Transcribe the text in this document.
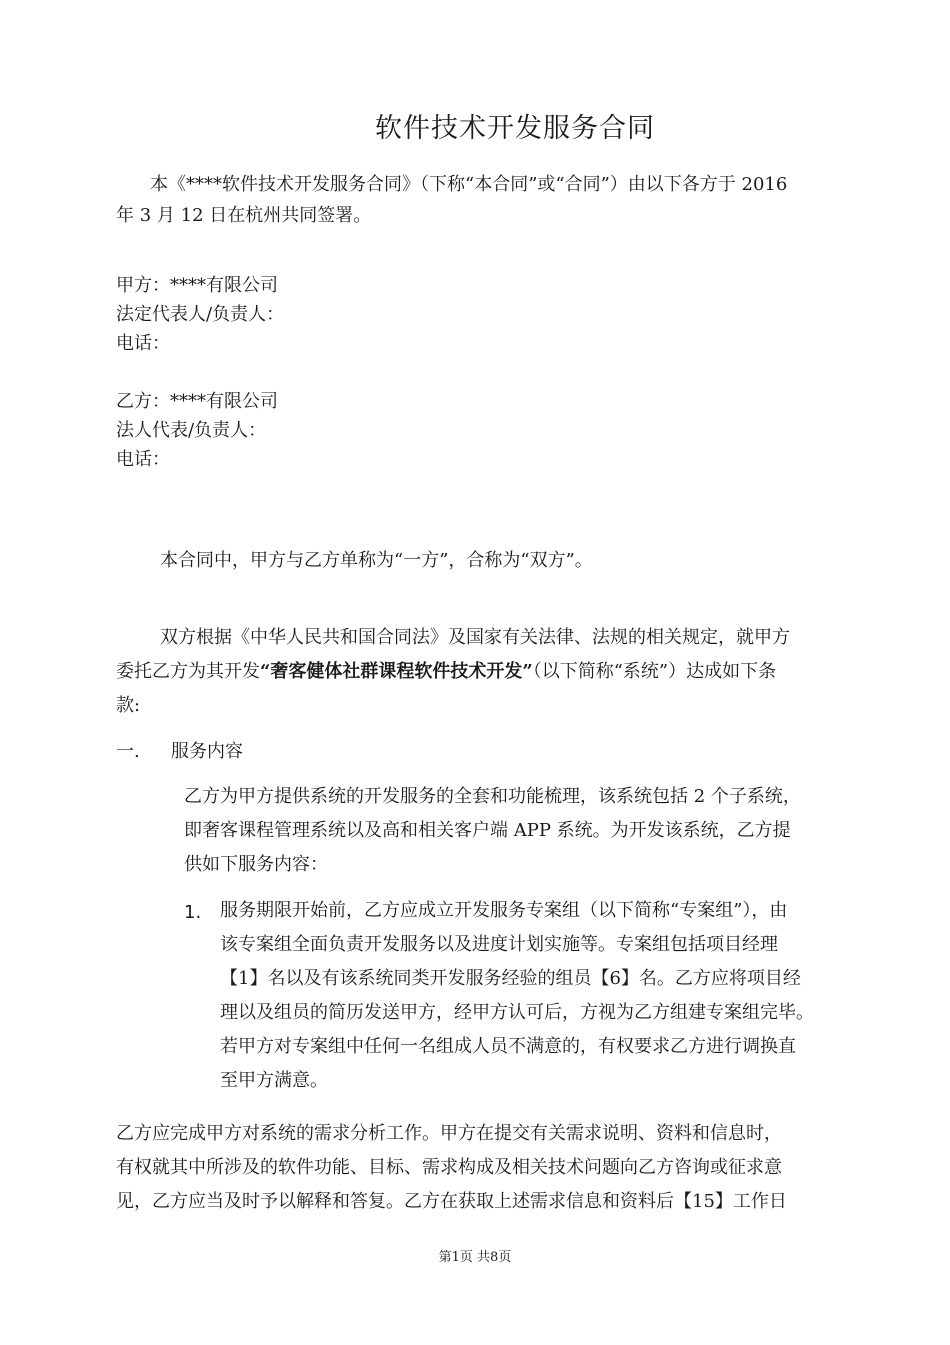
软件技术开发服务合同
本《****软件技术开发服务合同》（下称“本合同”或“合同”）由以下各方于 2016
年 3 月 12 日在杭州共同签署。
甲方：****有限公司
法定代表人/负责人：
电话：
乙方：****有限公司
法人代表/负责人：
电话：
本合同中，甲方与乙方单称为“一方”，合称为“双方”。
双方根据《中华人民共和国合同法》及国家有关法律、法规的相关规定，就甲方
委托乙方为其开发“奢客健体社群课程软件技术开发”（以下简称“系统”）达成如下条
款:
一. 服务内容
乙方为甲方提供系统的开发服务的全套和功能梳理，该系统包括 2 个子系统，
即奢客课程管理系统以及高和相关客户端 APP 系统。为开发该系统，乙方提
供如下服务内容：
1. 服务期限开始前，乙方应成立开发服务专案组（以下简称“专案组”），由
该专案组全面负责开发服务以及进度计划实施等。专案组包括项目经理
【1】名以及有该系统同类开发服务经验的组员【6】名。乙方应将项目经
理以及组员的简历发送甲方，经甲方认可后，方视为乙方组建专案组完毕。
若甲方对专案组中任何一名组成人员不满意的，有权要求乙方进行调换直
至甲方满意。
乙方应完成甲方对系统的需求分析工作。甲方在提交有关需求说明、资料和信息时，
有权就其中所涉及的软件功能、目标、需求构成及相关技术问题向乙方咨询或征求意
见，乙方应当及时予以解释和答复。乙方在获取上述需求信息和资料后【15】工作日
第1页 共8页
